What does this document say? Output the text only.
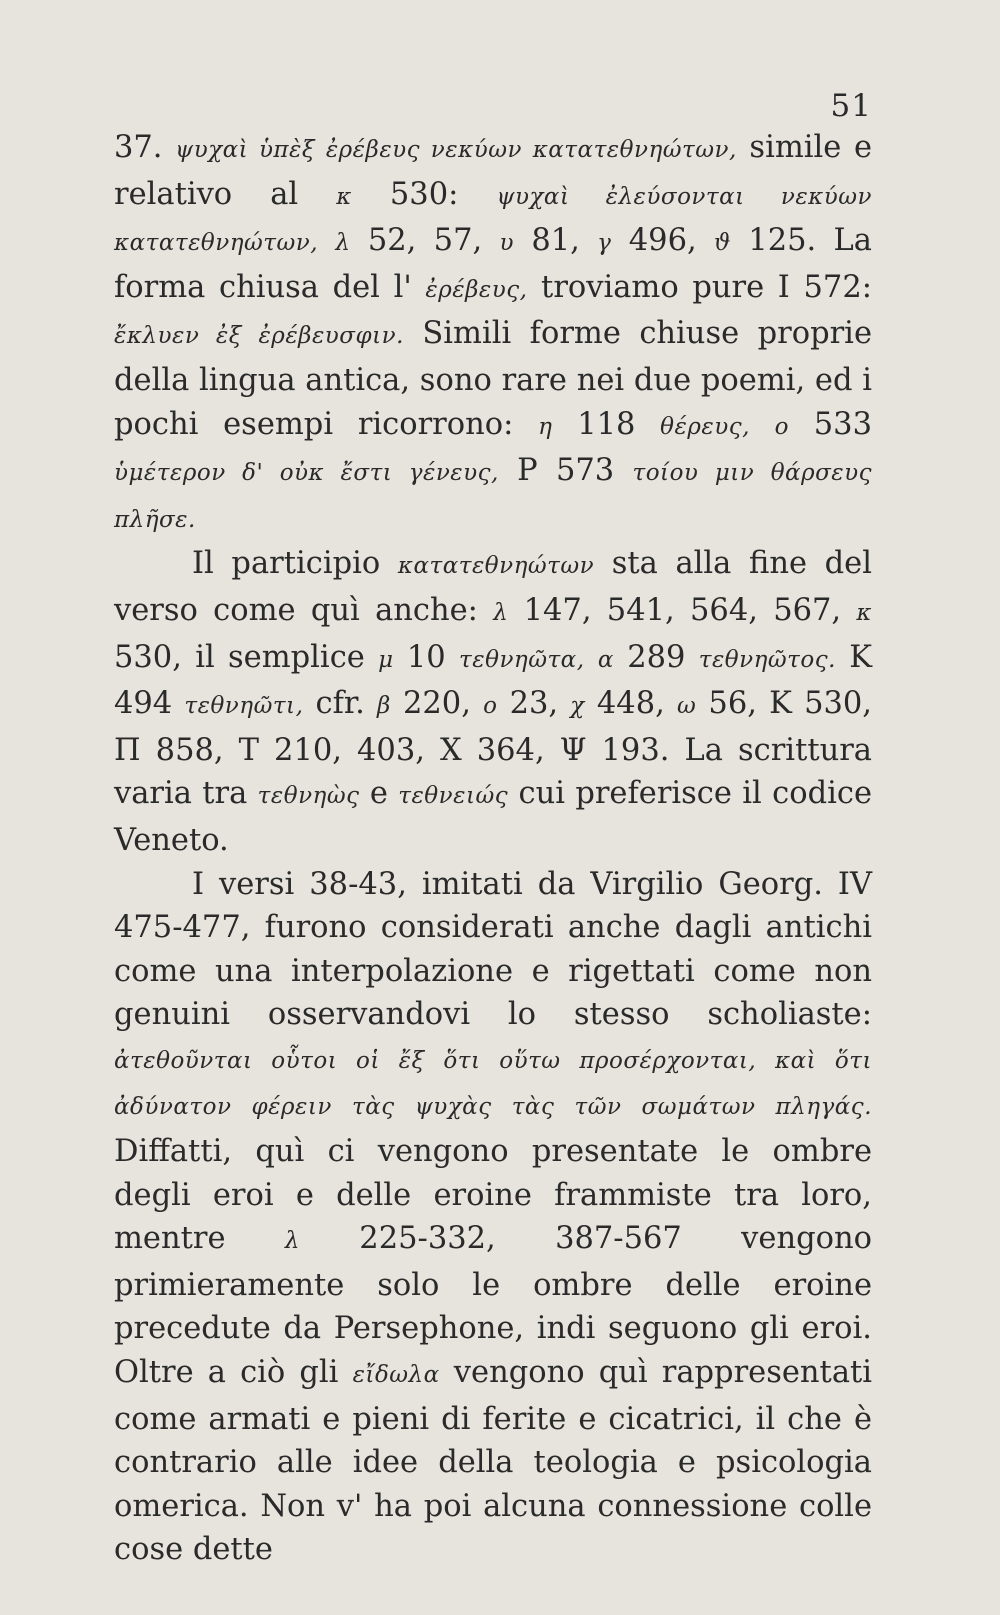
51

37. ψυχαὶ ὑπὲξ ἐρέβευς νεκύων κατατεθνηώτων, simile e relativo al κ 530: ψυχαὶ ἐλεύσονται νεκύων κατατεθνηώτων, λ 52, 57, υ 81, γ 496, ϑ 125. La forma chiusa del l' ἐρέβευς, troviamo pure I 572: ἔκλυεν ἐξ ἐρέβευσφιν. Simili forme chiuse proprie della lingua antica, sono rare nei due poemi, ed i pochi esempi ricorrono: η 118 θέρευς, ο 533 ὑμέτερον δ' οὐκ ἔστι γένευς, P 573 τοίου μιν θάρσευς πλῆσε.

Il participio κατατεθνηώτων sta alla fine del verso come quì anche: λ 147, 541, 564, 567, κ 530, il semplice μ 10 τεθνηῶτα, α 289 τεθνηῶτος. K 494 τεθνηῶτι, cfr. β 220, ο 23, χ 448, ω 56, K 530, Π 858, T 210, 403, X 364, Ψ 193. La scrittura varia tra τεθνηὼς e τεθνειώς cui preferisce il codice Veneto.

I versi 38-43, imitati da Virgilio Georg. IV 475-477, furono considerati anche dagli antichi come una interpolazione e rigettati come non genuini osservandovi lo stesso scholiaste: ἀτεθοῦνται οὗτοι οἱ ἔξ ὅτι οὕτω προσέρχονται, καὶ ὅτι ἀδύνατον φέρειν τὰς ψυχὰς τὰς τῶν σωμάτων πληγάς. Diffatti, quì ci vengono presentate le ombre degli eroi e delle eroine frammiste tra loro, mentre λ 225-332, 387-567 vengono primieramente solo le ombre delle eroine precedute da Persephone, indi seguono gli eroi. Oltre a ciò gli εἴδωλα vengono quì rappresentati come armati e pieni di ferite e cicatrici, il che è contrario alle idee della teologia e psicologia omerica. Non v' ha poi alcuna connessione colle cose dette
